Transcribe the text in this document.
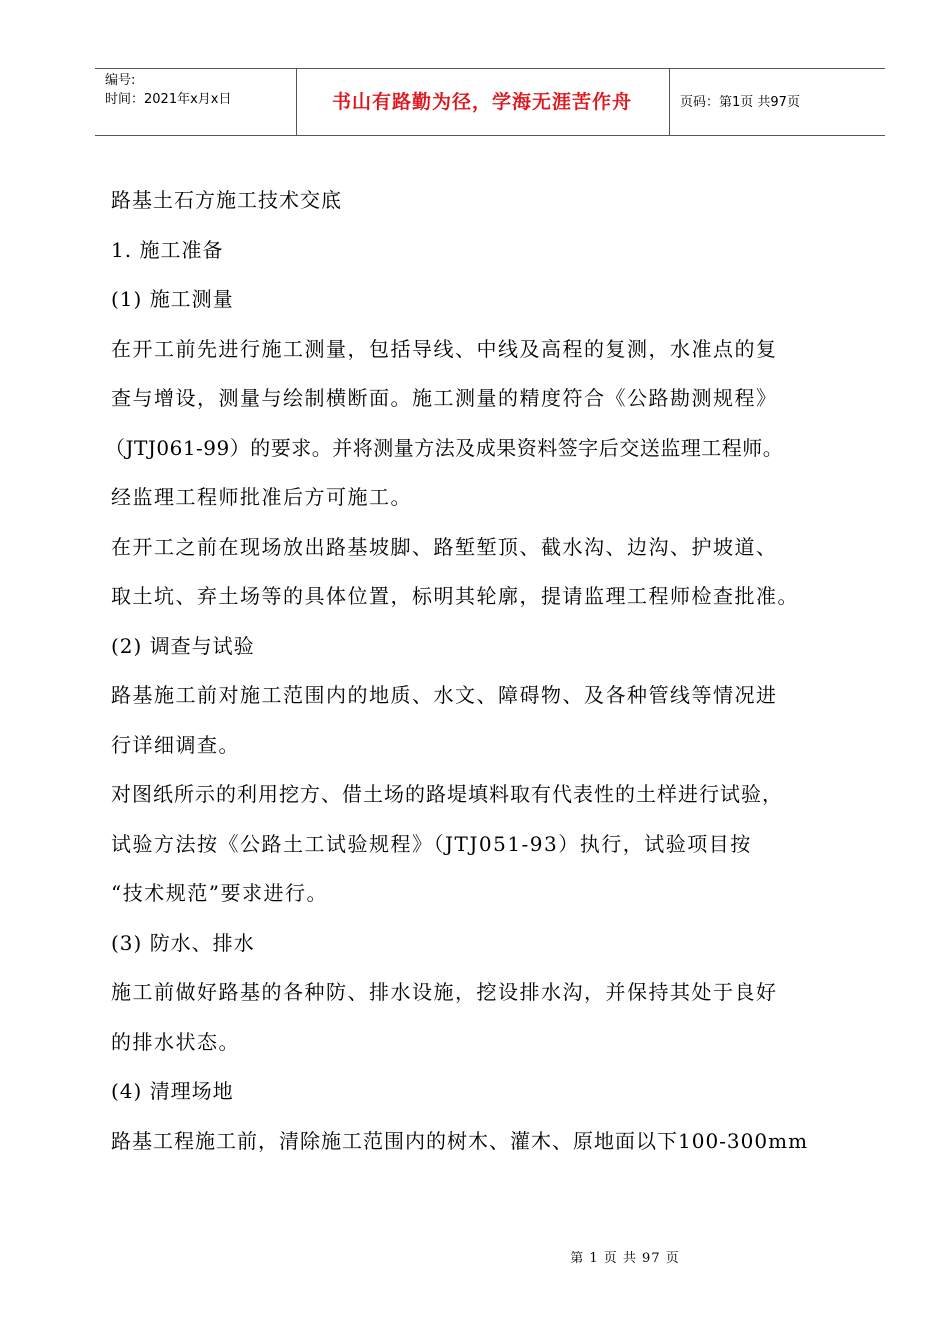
编号:
时间：2021年x月x日	书山有路勤为径，学海无涯苦作舟	页码：第1页 共97页

路基土石方施工技术交底

1. 施工准备

(1) 施工测量

在开工前先进行施工测量，包括导线、中线及高程的复测，水准点的复

查与增设，测量与绘制横断面。施工测量的精度符合《公路勘测规程》

（JTJ061-99）的要求。并将测量方法及成果资料签字后交送监理工程师。

经监理工程师批准后方可施工。

在开工之前在现场放出路基坡脚、路堑堑顶、截水沟、边沟、护坡道、

取土坑、弃土场等的具体位置，标明其轮廓，提请监理工程师检查批准。

(2) 调查与试验

路基施工前对施工范围内的地质、水文、障碍物、及各种管线等情况进

行详细调查。

对图纸所示的利用挖方、借土场的路堤填料取有代表性的土样进行试验，

试验方法按《公路土工试验规程》（JTJ051-93）执行，试验项目按

“技术规范”要求进行。

(3) 防水、排水

施工前做好路基的各种防、排水设施，挖设排水沟，并保持其处于良好

的排水状态。

(4) 清理场地

路基工程施工前，清除施工范围内的树木、灌木、原地面以下100-300mm

第 1 页 共 97 页
